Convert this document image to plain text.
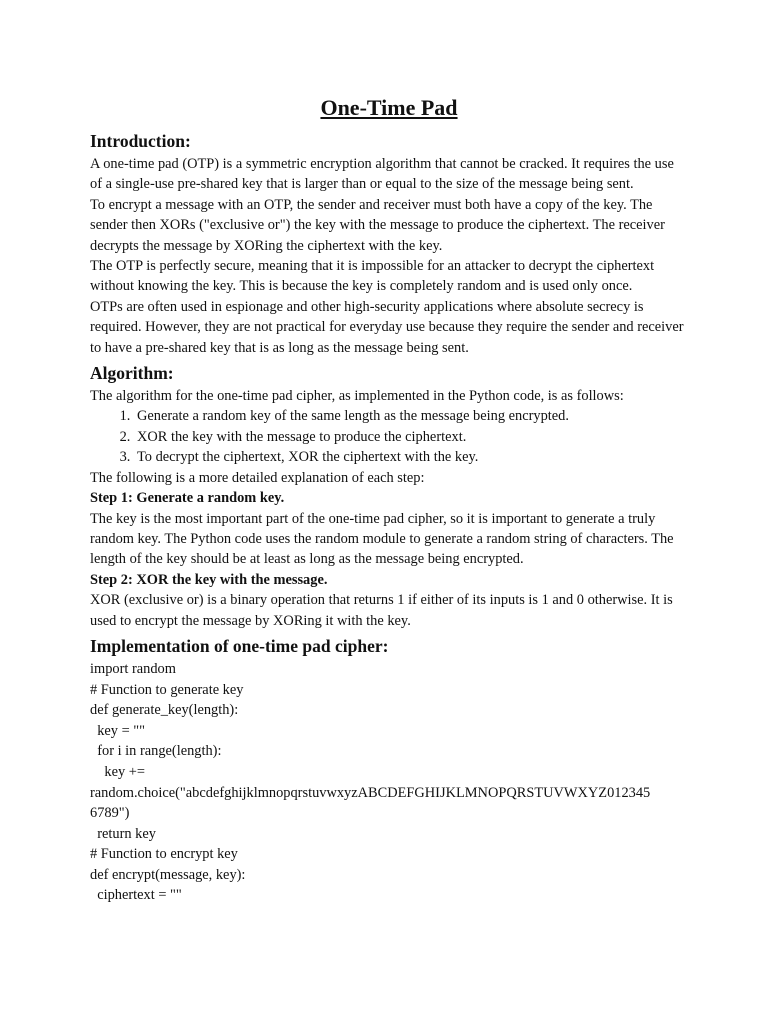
One-Time Pad
Introduction:

A one-time pad (OTP) is a symmetric encryption algorithm that cannot be cracked. It requires the use of a single-use pre-shared key that is larger than or equal to the size of the message being sent.

To encrypt a message with an OTP, the sender and receiver must both have a copy of the key. The sender then XORs ("exclusive or") the key with the message to produce the ciphertext. The receiver decrypts the message by XORing the ciphertext with the key.

The OTP is perfectly secure, meaning that it is impossible for an attacker to decrypt the ciphertext without knowing the key. This is because the key is completely random and is used only once.

OTPs are often used in espionage and other high-security applications where absolute secrecy is required. However, they are not practical for everyday use because they require the sender and receiver to have a pre-shared key that is as long as the message being sent.

Algorithm:

The algorithm for the one-time pad cipher, as implemented in the Python code, is as follows:

1. Generate a random key of the same length as the message being encrypted.
2. XOR the key with the message to produce the ciphertext.
3. To decrypt the ciphertext, XOR the ciphertext with the key.

The following is a more detailed explanation of each step:

Step 1: Generate a random key.

The key is the most important part of the one-time pad cipher, so it is important to generate a truly random key. The Python code uses the random module to generate a random string of characters. The length of the key should be at least as long as the message being encrypted.

Step 2: XOR the key with the message.

XOR (exclusive or) is a binary operation that returns 1 if either of its inputs is 1 and 0 otherwise. It is used to encrypt the message by XORing it with the key.

Implementation of one-time pad cipher:
import random
# Function to generate key
def generate_key(length):
key = ""
for i in range(length):
key +=
random.choice("abcdefghijklmnopqrstuvwxyzABCDEFGHIJKLMNOPQRSTUVWXYZ012345
6789")
return key
# Function to encrypt key
def encrypt(message, key):
ciphertext = ""
